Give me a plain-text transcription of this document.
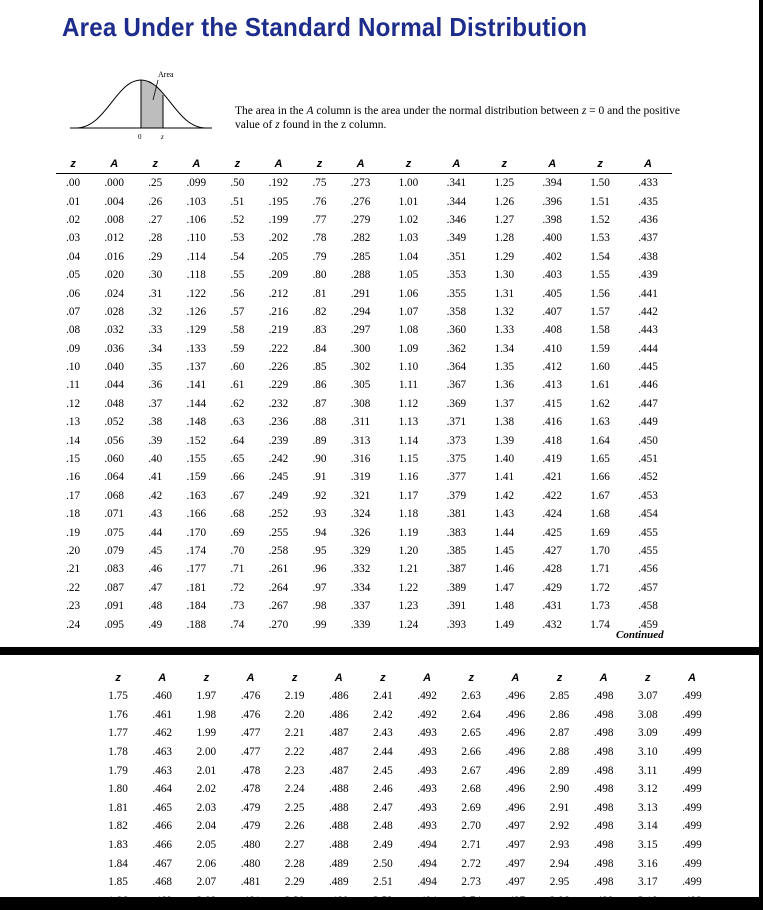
Area Under the Standard Normal Distribution
Area
0	z
The area in the A column is the area under the normal distribution between z = 0 and the positive value of z found in the z column.
z	A	z	A	z	A	z	A	z	A	z	A	z	A
.00	.000	.25	.099	.50	.192	.75	.273	1.00	.341	1.25	.394	1.50	.433
.01	.004	.26	.103	.51	.195	.76	.276	1.01	.344	1.26	.396	1.51	.435
.02	.008	.27	.106	.52	.199	.77	.279	1.02	.346	1.27	.398	1.52	.436
.03	.012	.28	.110	.53	.202	.78	.282	1.03	.349	1.28	.400	1.53	.437
.04	.016	.29	.114	.54	.205	.79	.285	1.04	.351	1.29	.402	1.54	.438
.05	.020	.30	.118	.55	.209	.80	.288	1.05	.353	1.30	.403	1.55	.439
.06	.024	.31	.122	.56	.212	.81	.291	1.06	.355	1.31	.405	1.56	.441
.07	.028	.32	.126	.57	.216	.82	.294	1.07	.358	1.32	.407	1.57	.442
.08	.032	.33	.129	.58	.219	.83	.297	1.08	.360	1.33	.408	1.58	.443
.09	.036	.34	.133	.59	.222	.84	.300	1.09	.362	1.34	.410	1.59	.444
.10	.040	.35	.137	.60	.226	.85	.302	1.10	.364	1.35	.412	1.60	.445
.11	.044	.36	.141	.61	.229	.86	.305	1.11	.367	1.36	.413	1.61	.446
.12	.048	.37	.144	.62	.232	.87	.308	1.12	.369	1.37	.415	1.62	.447
.13	.052	.38	.148	.63	.236	.88	.311	1.13	.371	1.38	.416	1.63	.449
.14	.056	.39	.152	.64	.239	.89	.313	1.14	.373	1.39	.418	1.64	.450
.15	.060	.40	.155	.65	.242	.90	.316	1.15	.375	1.40	.419	1.65	.451
.16	.064	.41	.159	.66	.245	.91	.319	1.16	.377	1.41	.421	1.66	.452
.17	.068	.42	.163	.67	.249	.92	.321	1.17	.379	1.42	.422	1.67	.453
.18	.071	.43	.166	.68	.252	.93	.324	1.18	.381	1.43	.424	1.68	.454
.19	.075	.44	.170	.69	.255	.94	.326	1.19	.383	1.44	.425	1.69	.455
.20	.079	.45	.174	.70	.258	.95	.329	1.20	.385	1.45	.427	1.70	.455
.21	.083	.46	.177	.71	.261	.96	.332	1.21	.387	1.46	.428	1.71	.456
.22	.087	.47	.181	.72	.264	.97	.334	1.22	.389	1.47	.429	1.72	.457
.23	.091	.48	.184	.73	.267	.98	.337	1.23	.391	1.48	.431	1.73	.458
.24	.095	.49	.188	.74	.270	.99	.339	1.24	.393	1.49	.432	1.74	.459
Continued
z	A	z	A	z	A	z	A	z	A	z	A	z	A
1.75	.460	1.97	.476	2.19	.486	2.41	.492	2.63	.496	2.85	.498	3.07	.499
1.76	.461	1.98	.476	2.20	.486	2.42	.492	2.64	.496	2.86	.498	3.08	.499
1.77	.462	1.99	.477	2.21	.487	2.43	.493	2.65	.496	2.87	.498	3.09	.499
1.78	.463	2.00	.477	2.22	.487	2.44	.493	2.66	.496	2.88	.498	3.10	.499
1.79	.463	2.01	.478	2.23	.487	2.45	.493	2.67	.496	2.89	.498	3.11	.499
1.80	.464	2.02	.478	2.24	.488	2.46	.493	2.68	.496	2.90	.498	3.12	.499
1.81	.465	2.03	.479	2.25	.488	2.47	.493	2.69	.496	2.91	.498	3.13	.499
1.82	.466	2.04	.479	2.26	.488	2.48	.493	2.70	.497	2.92	.498	3.14	.499
1.83	.466	2.05	.480	2.27	.488	2.49	.494	2.71	.497	2.93	.498	3.15	.499
1.84	.467	2.06	.480	2.28	.489	2.50	.494	2.72	.497	2.94	.498	3.16	.499
1.85	.468	2.07	.481	2.29	.489	2.51	.494	2.73	.497	2.95	.498	3.17	.499
1.86	.469	2.08	.481	2.30	.489	2.52	.494	2.74	.497	2.96	.499	3.18	.499
